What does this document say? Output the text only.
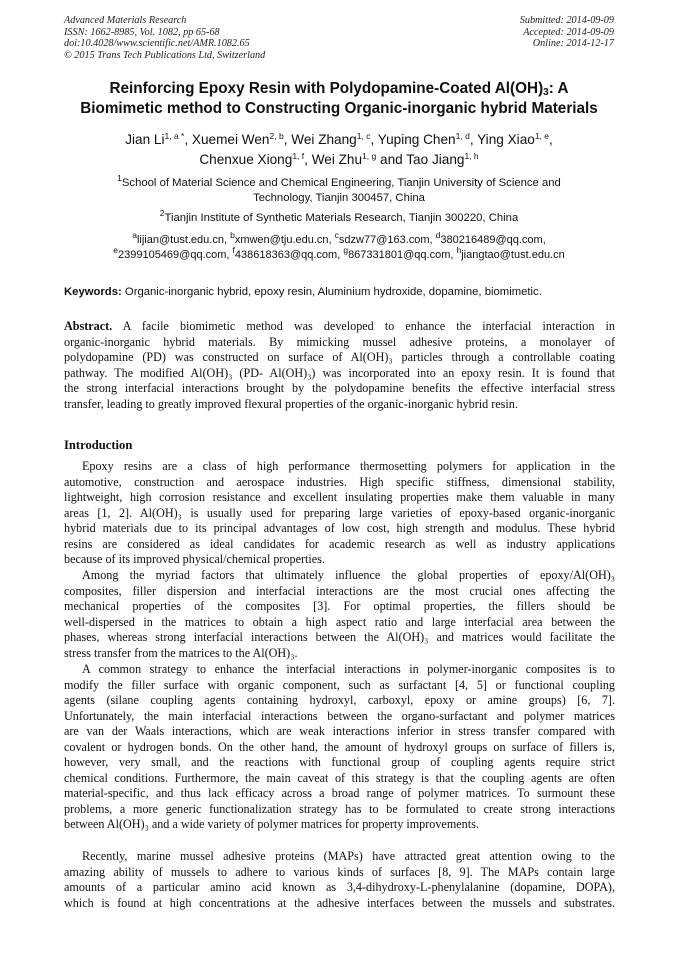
Advanced Materials Research
ISSN: 1662-8985, Vol. 1082, pp 65-68
doi:10.4028/www.scientific.net/AMR.1082.65
© 2015 Trans Tech Publications Ltd, Switzerland
Submitted: 2014-09-09
Accepted: 2014-09-09
Online: 2014-12-17
Reinforcing Epoxy Resin with Polydopamine-Coated $Al(OH)_3$: A
Biomimetic method to Constructing Organic-inorganic hybrid Materials
Jian $Li^{1, a *}$, Xuemei Wen$^{2, b}$, Wei Zhang$^{1, c}$, Yuping Chen$^{1, d}$, Ying Xiao$^{1, e}$,
Chenxue Xiong$^{1, f}$, Wei Zhu$^{1, g}$ and Tao Jiang$^{1, h}$
$^1$School of Material Science and Chemical Engineering, Tianjin University of Science and
Technology, Tianjin 300457, China
$^2$Tianjin Institute of Synthetic Materials Research, Tianjin 300220, China
$^a$lijian@tust.edu.cn, $^b$xmwen@tju.edu.cn, $^c$sdzw77@163.com, $^d$380216489@qq.com,
$^e$2399105469@qq.com, $^f$438618363@qq.com, $^g$867331801@qq.com, $^h$jiangtao@tust.edu.cn
Keywords: Organic-inorganic hybrid, epoxy resin, Aluminium hydroxide, dopamine, biomimetic.
Abstract. A facile biomimetic method was developed to enhance the interfacial interaction in
organic-inorganic hybrid materials. By mimicking mussel adhesive proteins, a monolayer of
polydopamine (PD) was constructed on surface of Al(OH)₃ particles through a controllable coating
pathway. The modified Al(OH)₃ (PD- Al(OH)₃) was incorporated into an epoxy resin. It is found that
the strong interfacial interactions brought by the polydopamine benefits the effective interfacial stress
transfer, leading to greatly improved flexural properties of the organic-inorganic hybrid resin.
Introduction
Epoxy resins are a class of high performance thermosetting polymers for application in the
automotive, construction and aerospace industries. High specific stiffness, dimensional stability,
lightweight, high corrosion resistance and excellent insulating properties make them valuable in many
areas [1, 2]. Al(OH)₃ is usually used for preparing large varieties of epoxy-based organic-inorganic
hybrid materials due to its principal advantages of low cost, high strength and modulus. These hybrid
resins are considered as ideal candidates for academic research as well as industry applications
because of its improved physical/chemical properties.
Among the myriad factors that ultimately influence the global properties of epoxy/Al(OH)₃
composites, filler dispersion and interfacial interactions are the most crucial ones affecting the
mechanical properties of the composites [3]. For optimal properties, the fillers should be
well-dispersed in the matrices to obtain a high aspect ratio and large interfacial area between the
phases, whereas strong interfacial interactions between the Al(OH)₃ and matrices would facilitate the
stress transfer from the matrices to the Al(OH)₃.
A common strategy to enhance the interfacial interactions in polymer-inorganic composites is to
modify the filler surface with organic component, such as surfactant [4, 5] or functional coupling
agents (silane coupling agents containing hydroxyl, carboxyl, epoxy or amine groups) [6, 7].
Unfortunately, the main interfacial interactions between the organo-surfactant and polymer matrices
are van der Waals interactions, which are weak interactions inferior in stress transfer compared with
covalent or hydrogen bonds. On the other hand, the amount of hydroxyl groups on surface of fillers is,
however, very small, and the reactions with functional group of coupling agents require strict
chemical conditions. Furthermore, the main caveat of this strategy is that the coupling agents are often
material-specific, and thus lack efficacy across a broad range of polymer matrices. To surmount these
problems, a more generic functionalization strategy has to be formulated to create strong interactions
between Al(OH)₃ and a wide variety of polymer matrices for property improvements.
Recently, marine mussel adhesive proteins (MAPs) have attracted great attention owing to the
amazing ability of mussels to adhere to various kinds of surfaces [8, 9]. The MAPs contain large
amounts of a particular amino acid known as 3,4-dihydroxy-L-phenylalanine (dopamine, DOPA),
which is found at high concentrations at the adhesive interfaces between the mussels and substrates.
